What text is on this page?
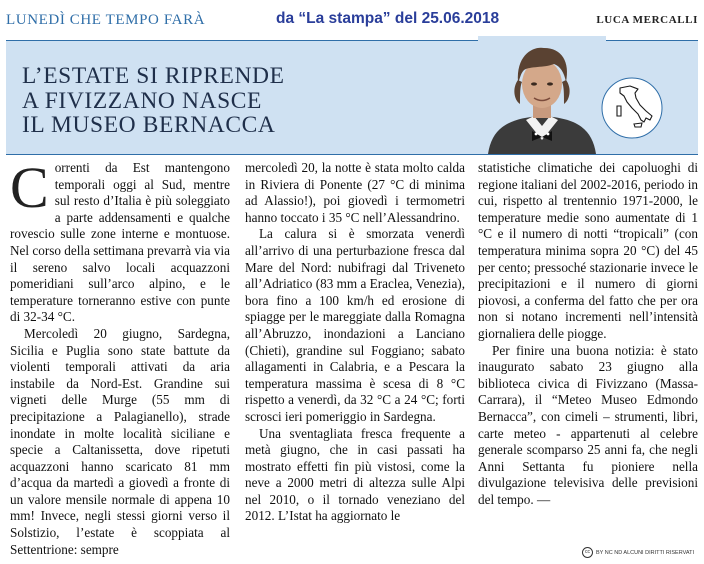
LUNEDÌ CHE TEMPO FARÀ	da “La stampa” del 25.06.2018	LUCA MERCALLI
L’ESTATE SI RIPRENDE
A FIVIZZANO NASCE
IL MUSEO BERNACCA

Correnti da Est mantengono temporali oggi al Sud, mentre sul resto d’Italia è più soleggiato a parte addensamenti e qualche rovescio sulle zone interne e montuose. Nel corso della settimana prevarrà via via il sereno salvo locali acquazzoni pomeridiani sull’arco alpino, e le temperature torneranno estive con punte di 32-34 °C.

Mercoledì 20 giugno, Sardegna, Sicilia e Puglia sono state battute da violenti temporali attivati da aria instabile da Nord-Est. Grandine sui vigneti delle Murge (55 mm di precipitazione a Palagianello), strade inondate in molte località siciliane e specie a Caltanissetta, dove ripetuti acquazzoni hanno scaricato 81 mm d’acqua da martedì a giovedì a fronte di un valore mensile normale di appena 10 mm! Invece, negli stessi giorni verso il Solstizio, l’estate è scoppiata al Settentrione: sempre

mercoledì 20, la notte è stata molto calda in Riviera di Ponente (27 °C di minima ad Alassio!), poi giovedì i termometri hanno toccato i 35 °C nell’Alessandrino.

La calura si è smorzata venerdì all’arrivo di una perturbazione fresca dal Mare del Nord: nubifragi dal Triveneto all’Adriatico (83 mm a Eraclea, Venezia), bora fino a 100 km/h ed erosione di spiagge per le mareggiate dalla Romagna all’Abruzzo, inondazioni a Lanciano (Chieti), grandine sul Foggiano; sabato allagamenti in Calabria, e a Pescara la temperatura massima è scesa di 8 °C rispetto a venerdì, da 32 °C a 24 °C; forti scrosci ieri pomeriggio in Sardegna.

Una sventagliata fresca frequente a metà giugno, che in casi passati ha mostrato effetti fin più vistosi, come la neve a 2000 metri di altezza sulle Alpi nel 2010, o il tornado veneziano del 2012. L’Istat ha aggiornato le

statistiche climatiche dei capoluoghi di regione italiani del 2002-2016, periodo in cui, rispetto al trentennio 1971-2000, le temperature medie sono aumentate di 1 °C e il numero di notti “tropicali” (con temperatura minima sopra 20 °C) del 45 per cento; pressoché stazionarie invece le precipitazioni e il numero di giorni piovosi, a conferma del fatto che per ora non si notano incrementi nell’intensità giornaliera delle piogge.

Per finire una buona notizia: è stato inaugurato sabato 23 giugno alla biblioteca civica di Fivizzano (Massa-Carrara), il “Meteo Museo Edmondo Bernacca”, con cimeli – strumenti, libri, carte meteo - appartenuti al celebre generale scomparso 25 anni fa, che negli Anni Settanta fu pioniere nella divulgazione televisiva delle previsioni del tempo. —

cc	BY NC ND ALCUNI DIRITTI RISERVATI
